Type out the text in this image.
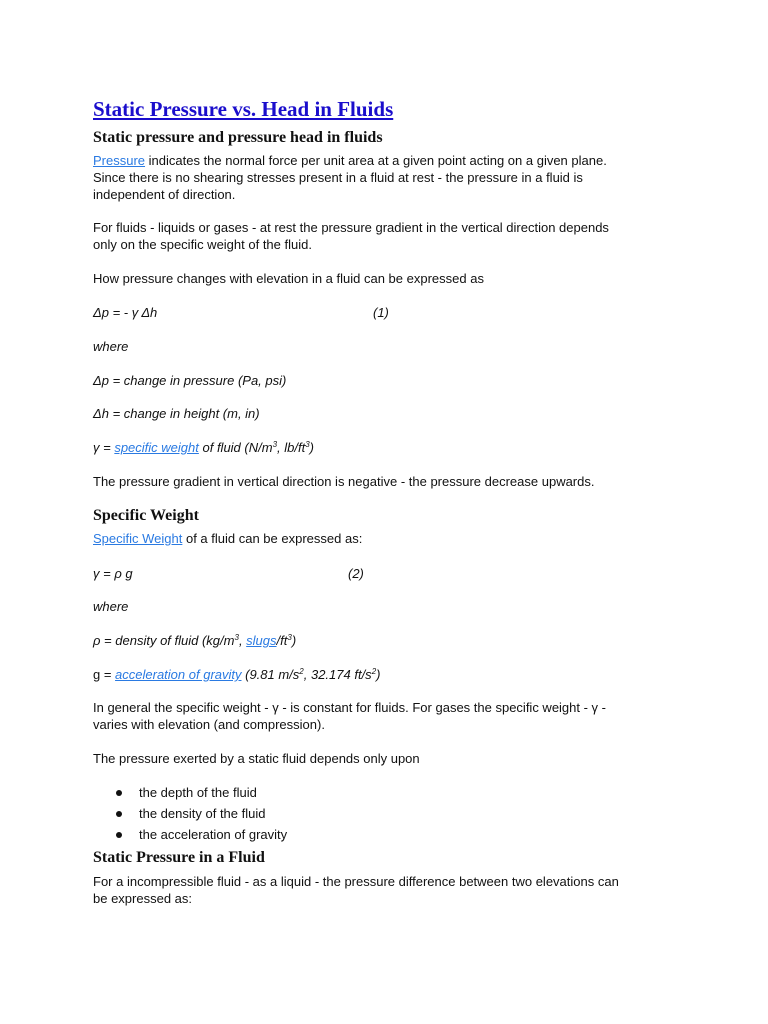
Static Pressure vs. Head in Fluids
Static pressure and pressure head in fluids
Pressure indicates the normal force per unit area at a given point acting on a given plane.
Since there is no shearing stresses present in a fluid at rest - the pressure in a fluid is
independent of direction.
For fluids - liquids or gases - at rest the pressure gradient in the vertical direction depends
only on the specific weight of the fluid.
How pressure changes with elevation in a fluid can be expressed as
Δp = - γ Δh	(1)
where
Δp = change in pressure (Pa, psi)
Δh = change in height (m, in)
γ = specific weight of fluid ($N/m^3$, $lb/ft^3$)
The pressure gradient in vertical direction is negative - the pressure decrease upwards.
Specific Weight
Specific Weight of a fluid can be expressed as:
γ = ρ g	(2)
where
ρ = density of fluid ($kg/m^3$, slugs/$ft^3$)
g = acceleration of gravity (9.81 $m/s^2$, 32.174 $ft/s^2$)
In general the specific weight - γ - is constant for fluids. For gases the specific weight - γ -
varies with elevation (and compression).
The pressure exerted by a static fluid depends only upon
the depth of the fluid
the density of the fluid
the acceleration of gravity
Static Pressure in a Fluid
For a incompressible fluid - as a liquid - the pressure difference between two elevations can
be expressed as:
